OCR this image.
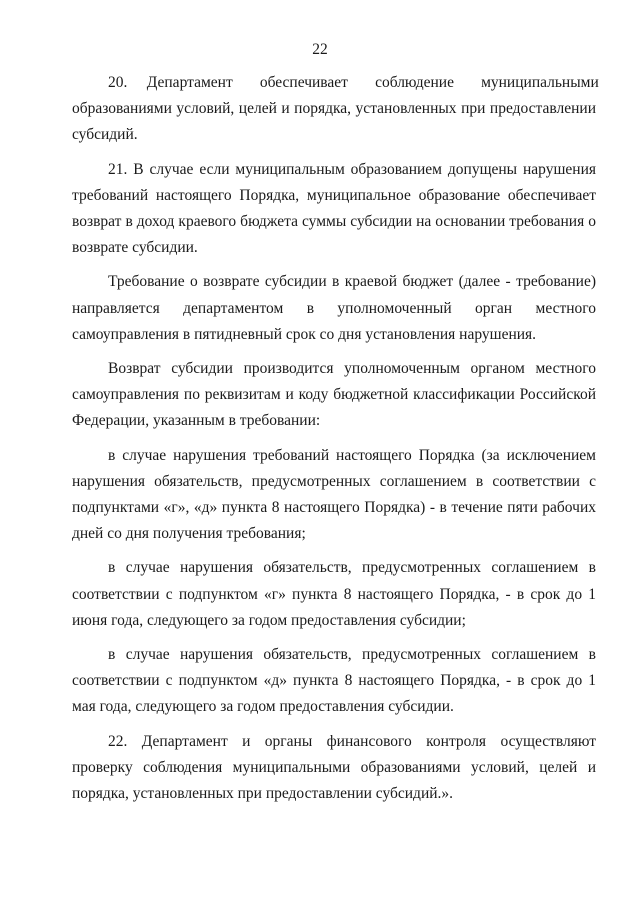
22

20.     Департамент       обеспечивает       соблюдение       муниципальными образованиями условий, целей и порядка, установленных при предоставлении субсидий.

21. В случае если муниципальным образованием допущены нарушения требований настоящего Порядка, муниципальное образование обеспечивает возврат в доход краевого бюджета суммы субсидии на основании требования о возврате субсидии.

Требование о возврате субсидии в краевой бюджет (далее - требование) направляется департаментом в уполномоченный орган местного самоуправления в пятидневный срок со дня установления нарушения.

Возврат субсидии производится уполномоченным органом местного самоуправления по реквизитам и коду бюджетной классификации Российской Федерации, указанным в требовании:

в случае нарушения требований настоящего Порядка (за исключением нарушения обязательств, предусмотренных соглашением в соответствии с подпунктами «г», «д» пункта 8 настоящего Порядка) - в течение пяти рабочих дней со дня получения требования;

в случае нарушения обязательств, предусмотренных соглашением в соответствии с подпунктом «г» пункта 8 настоящего Порядка, - в срок до 1 июня года, следующего за годом предоставления субсидии;

в случае нарушения обязательств, предусмотренных соглашением в соответствии с подпунктом «д» пункта 8 настоящего Порядка, - в срок до 1 мая года, следующего за годом предоставления субсидии.

22. Департамент и органы финансового контроля осуществляют проверку соблюдения муниципальными образованиями условий, целей и порядка, установленных при предоставлении субсидий.».
